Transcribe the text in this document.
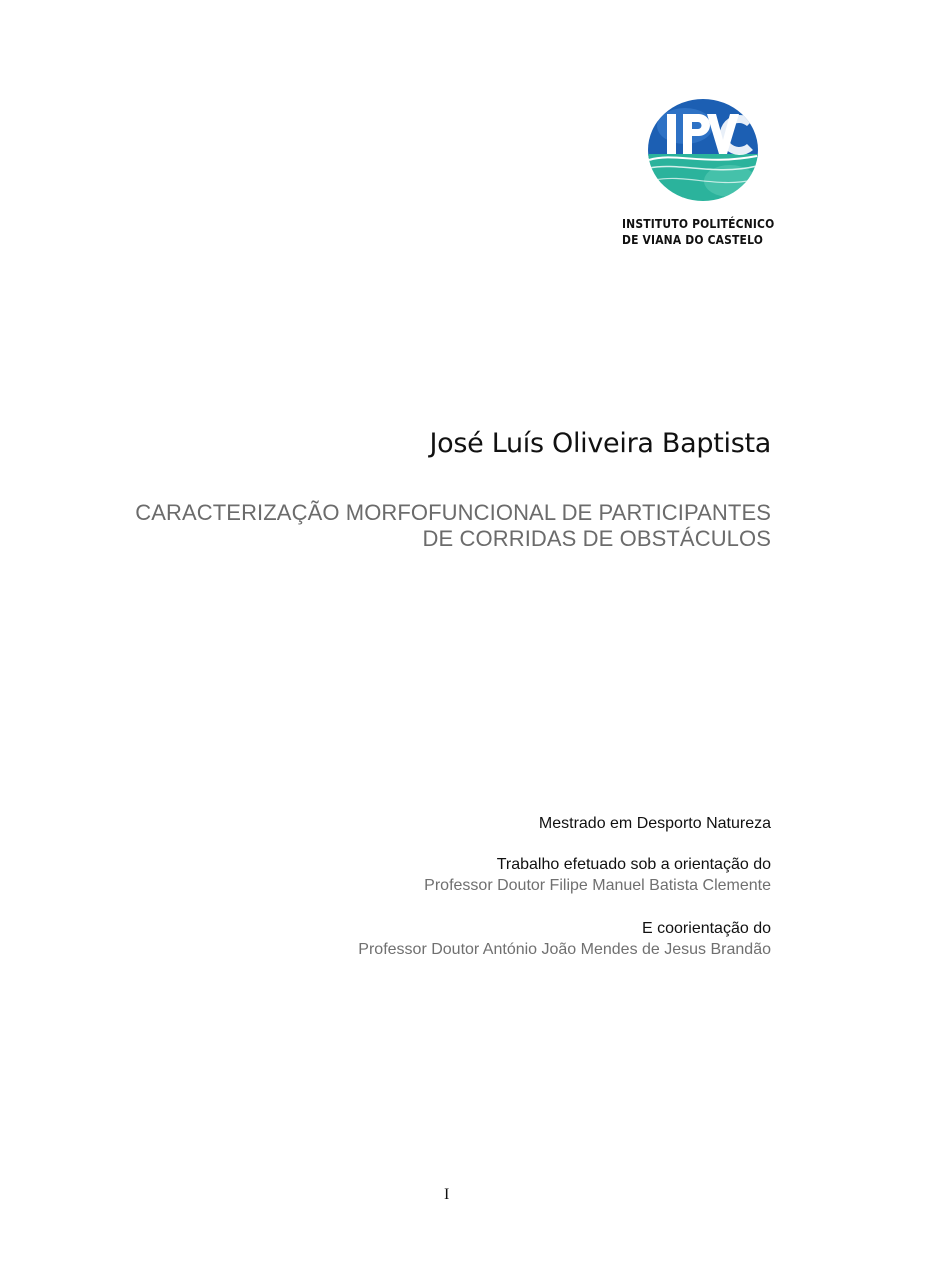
INSTITUTO POLITÉCNICO
DE VIANA DO CASTELO
José Luís Oliveira Baptista
CARACTERIZAÇÃO MORFOFUNCIONAL DE PARTICIPANTES
DE CORRIDAS DE OBSTÁCULOS
Mestrado em Desporto Natureza
Trabalho efetuado sob a orientação do
Professor Doutor Filipe Manuel Batista Clemente
E coorientação do
Professor Doutor António João Mendes de Jesus Brandão
I
